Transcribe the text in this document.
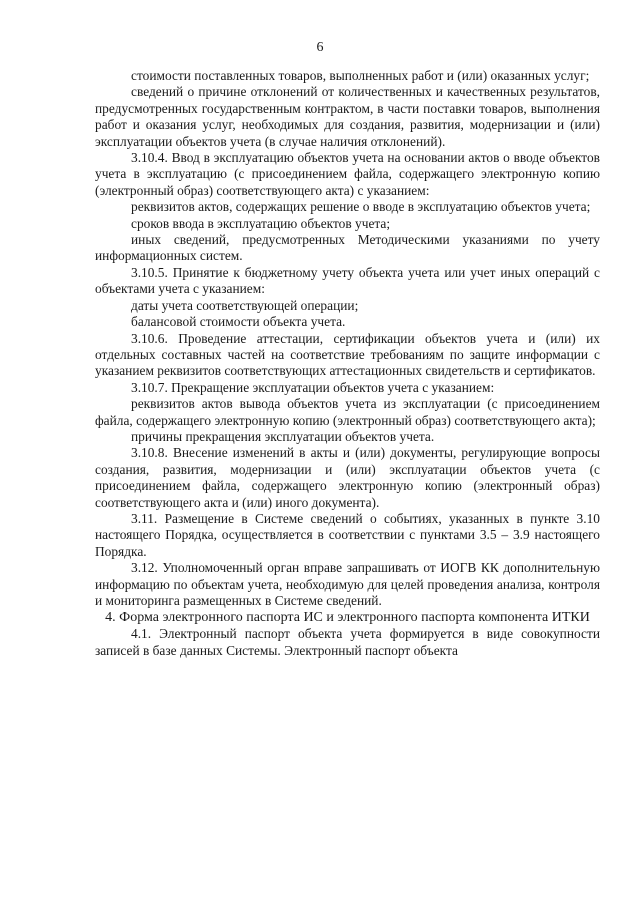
6

стоимости поставленных товаров, выполненных работ и (или) оказанных услуг;

сведений о причине отклонений от количественных и качественных результатов, предусмотренных государственным контрактом, в части поставки товаров, выполнения работ и оказания услуг, необходимых для создания, развития, модернизации и (или) эксплуатации объектов учета (в случае наличия отклонений).

3.10.4. Ввод в эксплуатацию объектов учета на основании актов о вводе объектов учета в эксплуатацию (с присоединением файла, содержащего электронную копию (электронный образ) соответствующего акта) с указанием:

реквизитов актов, содержащих решение о вводе в эксплуатацию объектов учета;

сроков ввода в эксплуатацию объектов учета;

иных сведений, предусмотренных Методическими указаниями по учету информационных систем.

3.10.5. Принятие к бюджетному учету объекта учета или учет иных операций с объектами учета с указанием:

даты учета соответствующей операции;

балансовой стоимости объекта учета.

3.10.6. Проведение аттестации, сертификации объектов учета и (или) их отдельных составных частей на соответствие требованиям по защите информации с указанием реквизитов соответствующих аттестационных свидетельств и сертификатов.

3.10.7. Прекращение эксплуатации объектов учета с указанием:

реквизитов актов вывода объектов учета из эксплуатации (с присоединением файла, содержащего электронную копию (электронный образ) соответствующего акта);

причины прекращения эксплуатации объектов учета.

3.10.8. Внесение изменений в акты и (или) документы, регулирующие вопросы создания, развития, модернизации и (или) эксплуатации объектов учета (с присоединением файла, содержащего электронную копию (электронный образ) соответствующего акта и (или) иного документа).

3.11. Размещение в Системе сведений о событиях, указанных в пункте 3.10 настоящего Порядка, осуществляется в соответствии с пунктами 3.5 – 3.9 настоящего Порядка.

3.12. Уполномоченный орган вправе запрашивать от ИОГВ КК дополнительную информацию по объектам учета, необходимую для целей проведения анализа, контроля и мониторинга размещенных в Системе сведений.

4. Форма электронного паспорта ИС и электронного паспорта компонента ИТКИ

4.1. Электронный паспорт объекта учета формируется в виде совокупности записей в базе данных Системы. Электронный паспорт объекта
